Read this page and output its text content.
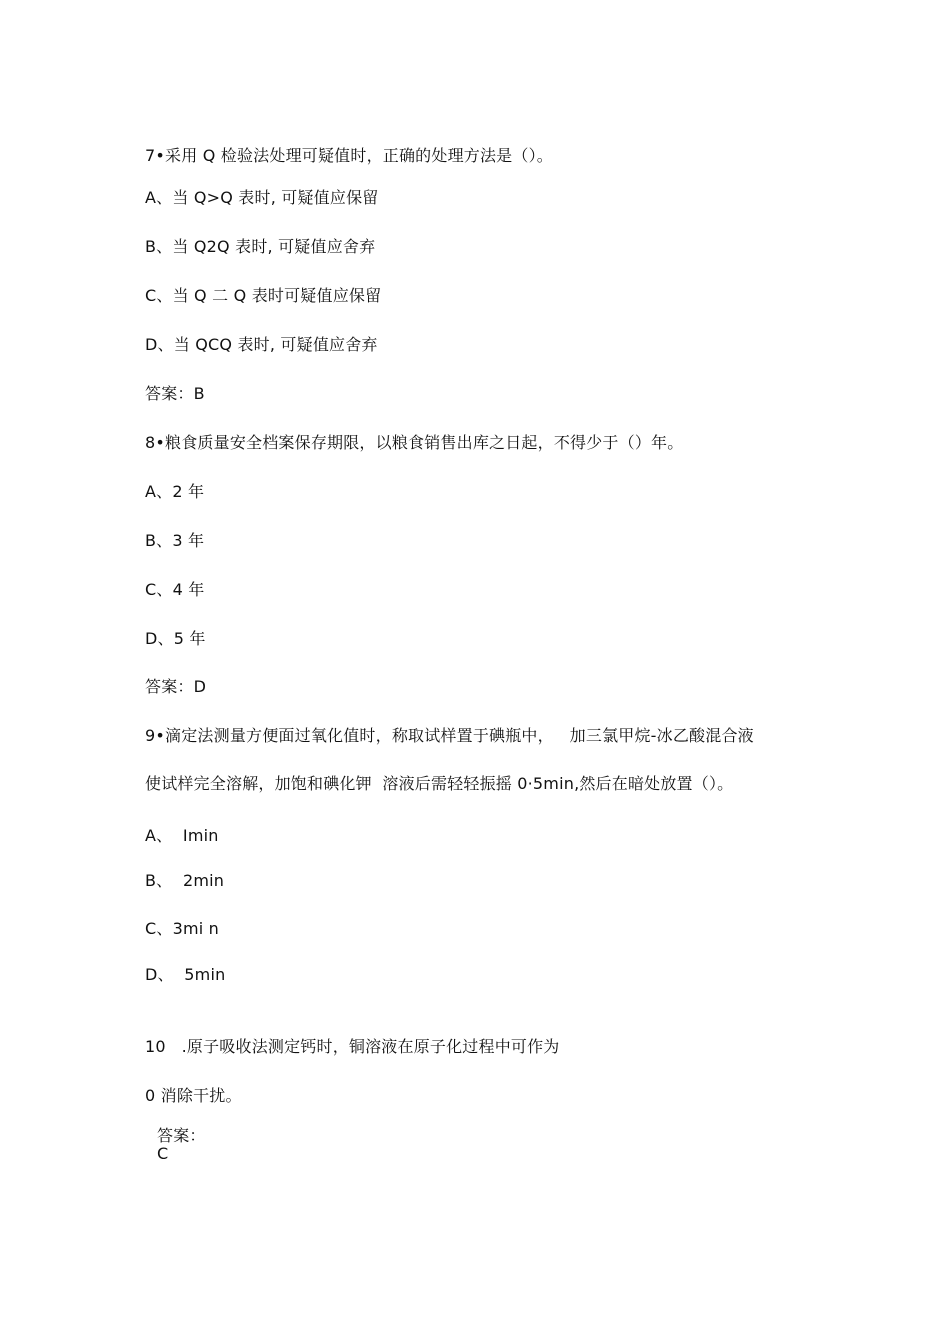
7•采用 Q 检验法处理可疑值时，正确的处理方法是（）。
A、当 Q>Q 表时, 可疑值应保留
B、当 Q2Q 表时, 可疑值应舍弃
C、当 Q 二 Q 表时可疑值应保留
D、当 QCQ 表时, 可疑值应舍弃
答案：B
8•粮食质量安全档案保存期限，以粮食销售出库之日起，不得少于（）年。
A、2 年
B、3 年
C、4 年
D、5 年
答案：D
9•滴定法测量方便面过氧化值时，称取试样置于碘瓶中，   加三氯甲烷-冰乙酸混合液
使试样完全溶解，加饱和碘化钾  溶液后需轻轻振摇 0·5min,然后在暗处放置（）。
A、  Imin
B、  2min
C、3mi n
D、  5min
10   .原子吸收法测定钙时，铜溶液在原子化过程中可作为
0 消除干扰。
答案：
C
